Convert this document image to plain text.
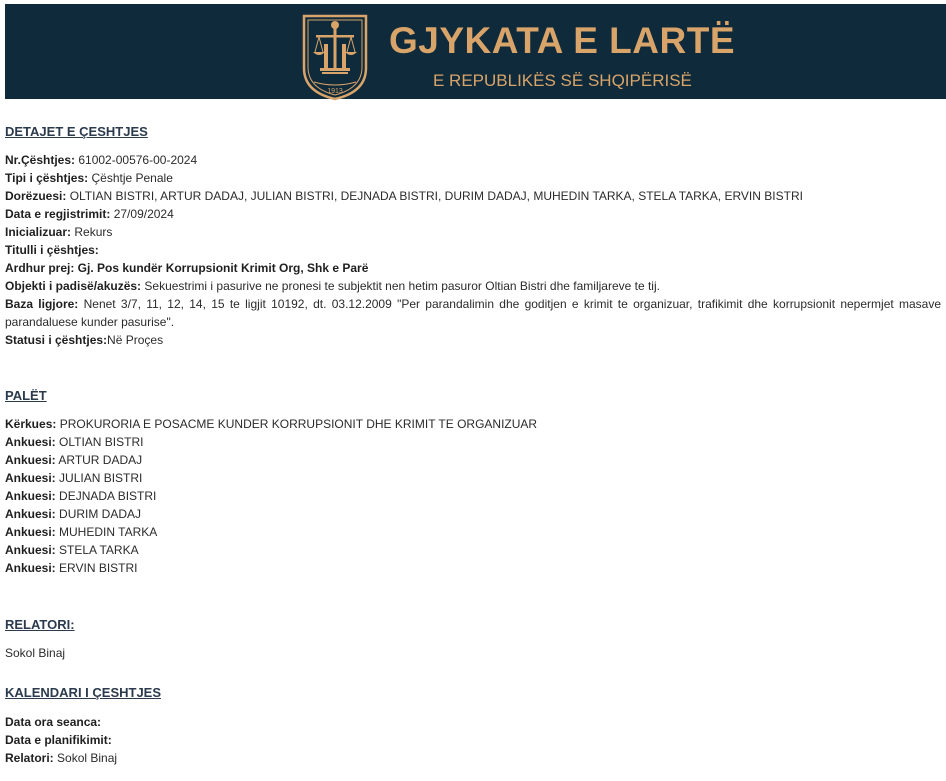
1913
GJYKATA E LARTË
E REPUBLIKËS SË SHQIPËRISË
DETAJET E ÇESHTJES
Nr.Çështjes: 61002-00576-00-2024
Tipi i çështjes: Çështje Penale
Dorëzuesi: OLTIAN BISTRI, ARTUR DADAJ, JULIAN BISTRI, DEJNADA BISTRI, DURIM DADAJ, MUHEDIN TARKA, STELA TARKA, ERVIN BISTRI
Data e regjistrimit: 27/09/2024
Inicializuar: Rekurs
Titulli i çështjes:
Ardhur prej: Gj. Pos kundër Korrupsionit Krimit Org, Shk e Parë
Objekti i padisë/akuzës: Sekuestrimi i pasurive ne pronesi te subjektit nen hetim pasuror Oltian Bistri dhe familjareve te tij.
Baza ligjore: Nenet 3/7, 11, 12, 14, 15 te ligjit 10192, dt. 03.12.2009 "Per parandalimin dhe goditjen e krimit te organizuar, trafikimit dhe korrupsionit nepermjet masave parandaluese kunder pasurise".
Statusi i çështjes:Në Proçes
PALËT
Kërkues: PROKURORIA E POSACME KUNDER KORRUPSIONIT DHE KRIMIT TE ORGANIZUAR
Ankuesi: OLTIAN BISTRI
Ankuesi: ARTUR DADAJ
Ankuesi: JULIAN BISTRI
Ankuesi: DEJNADA BISTRI
Ankuesi: DURIM DADAJ
Ankuesi: MUHEDIN TARKA
Ankuesi: STELA TARKA
Ankuesi: ERVIN BISTRI
RELATORI:
Sokol Binaj
KALENDARI I ÇESHTJES
Data ora seanca:
Data e planifikimit:
Relatori: Sokol Binaj
